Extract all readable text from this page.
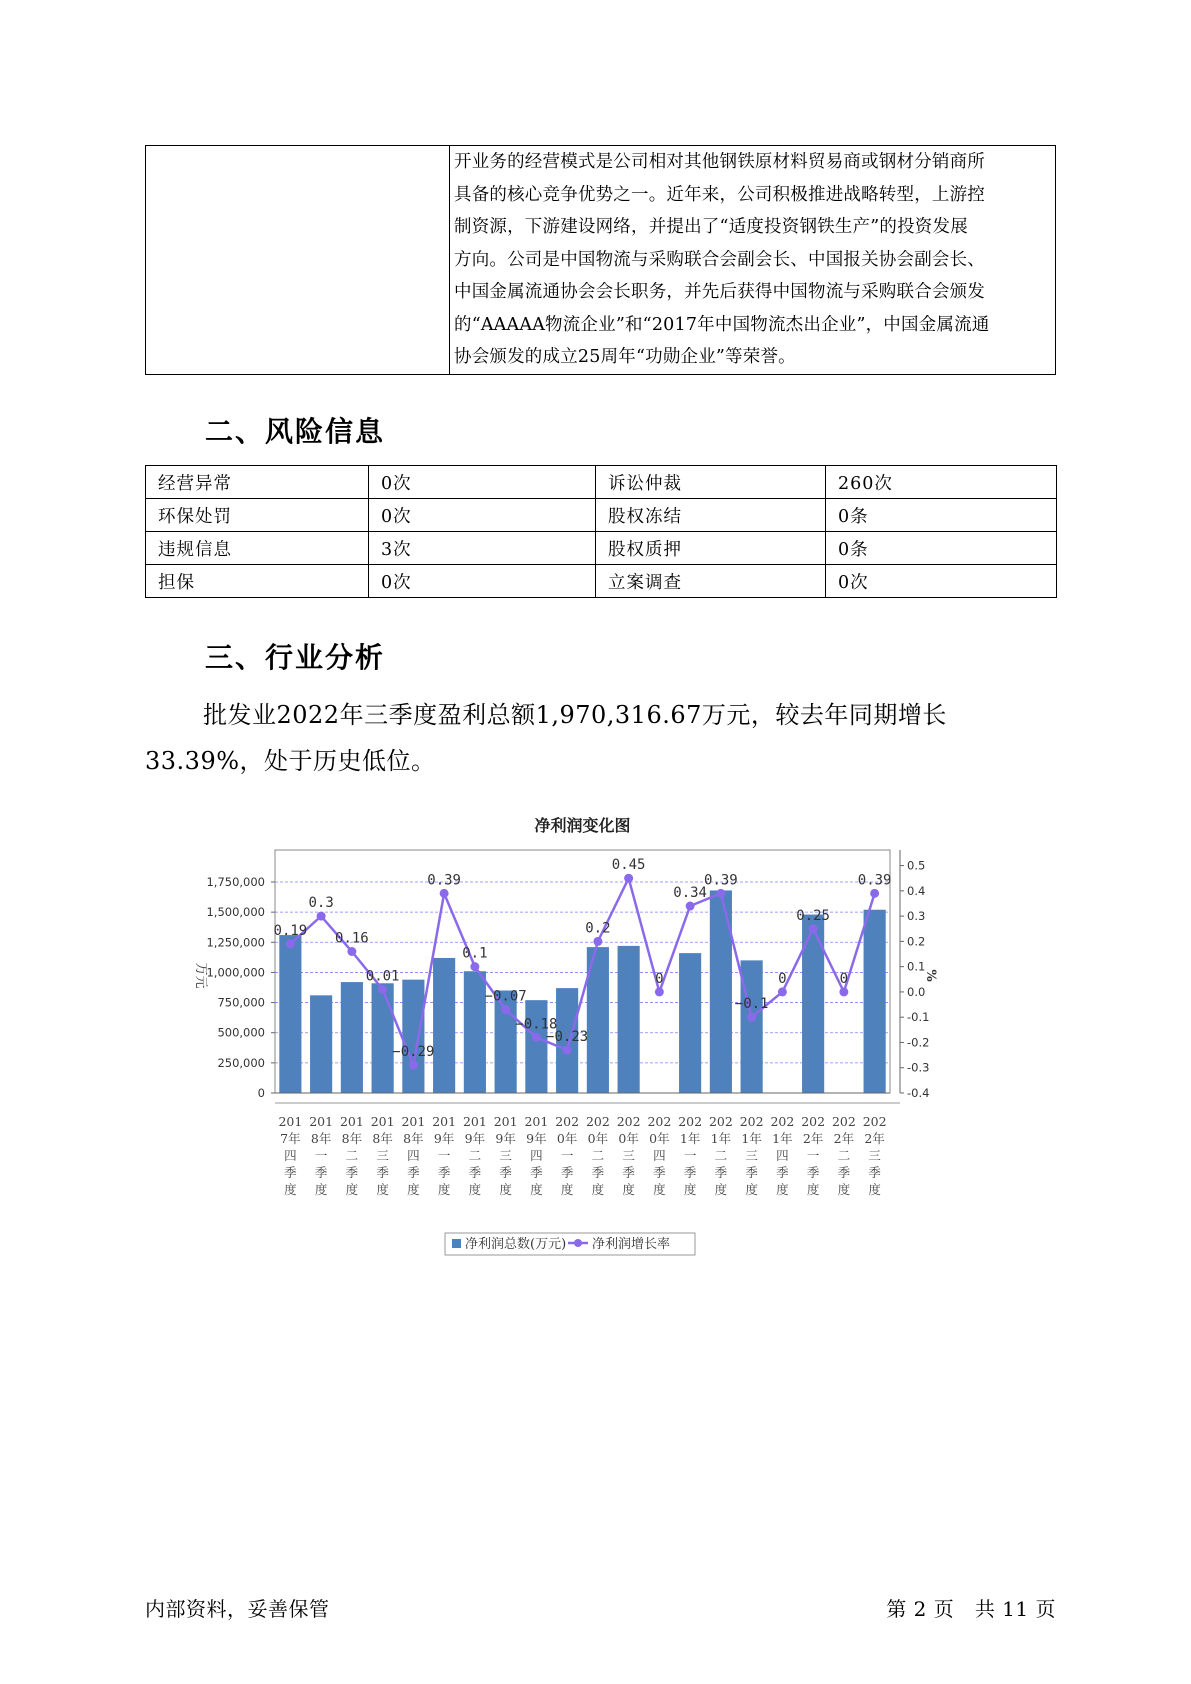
开业务的经营模式是公司相对其他钢铁原材料贸易商或钢材分销商所
具备的核心竞争优势之一。近年来，公司积极推进战略转型，上游控
制资源，下游建设网络，并提出了“适度投资钢铁生产”的投资发展
方向。公司是中国物流与采购联合会副会长、中国报关协会副会长、
中国金属流通协会会长职务，并先后获得中国物流与采购联合会颁发
的“AAAAA物流企业”和“2017年中国物流杰出企业”，中国金属流通
协会颁发的成立25周年“功勋企业”等荣誉。
二、风险信息
经营异常	0次	诉讼仲裁	260次
环保处罚	0次	股权冻结	0条
违规信息	3次	股权质押	0条
担保	0次	立案调查	0次
三、行业分析
批发业2022年三季度盈利总额1,970,316.67万元，较去年同期增长33.39%，处于历史低位。
净利润变化图
0
250,000
500,000
750,000
1,000,000
1,250,000
1,500,000
1,750,000
-0.4
-0.3
-0.2
-0.1
0.0
0.1
0.2
0.3
0.4
0.5
万元	%
201
7年
四
季
度
201
8年
一
季
度
201
8年
二
季
度
201
8年
三
季
度
201
8年
四
季
度
201
9年
一
季
度
201
9年
二
季
度
201
9年
三
季
度
201
9年
四
季
度
202
0年
一
季
度
202
0年
二
季
度
202
0年
三
季
度
202
0年
四
季
度
202
1年
一
季
度
202
1年
二
季
度
202
1年
三
季
度
202
1年
四
季
度
202
2年
一
季
度
202
2年
二
季
度
202
2年
三
季
度
0.19
0.3
0.16
0.01
−0.29
0.39
0.1
−0.07
−0.18
−0.23
0.2
0.45
0
0.34
0.39
−0.1
0
0.25
0
0.39
净利润总数(万元) 净利润增长率
内部资料，妥善保管	第 2 页   共 11 页
